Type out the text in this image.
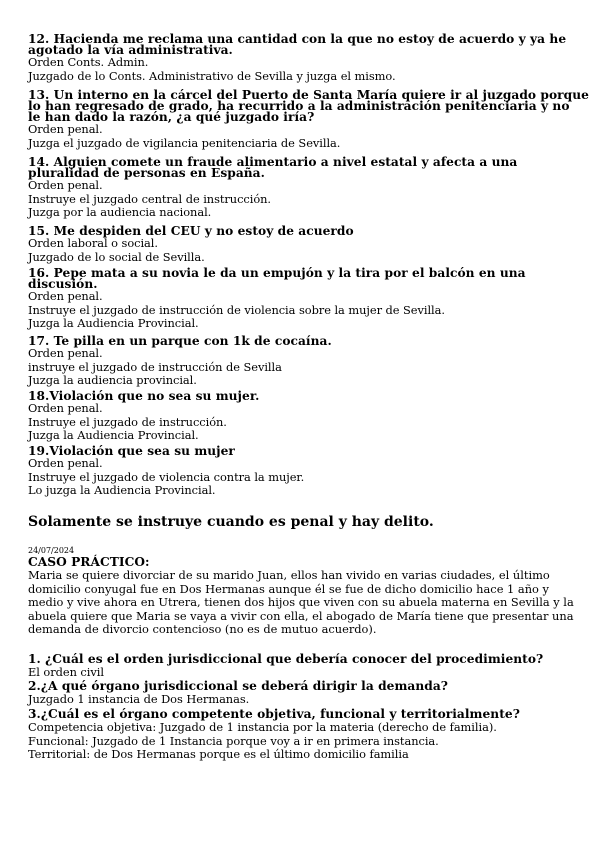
12. Hacienda me reclama una cantidad con la que no estoy de acuerdo y ya he
agotado la vía administrativa.
Orden Conts. Admin.
Juzgado de lo Conts. Administrativo de Sevilla y juzga el mismo.
13. Un interno en la cárcel del Puerto de Santa María quiere ir al juzgado porque
lo han regresado de grado, ha recurrido a la administración penitenciaria y no
le han dado la razón, ¿a qué juzgado iría?
Orden penal.
Juzga el juzgado de vigilancia penitenciaria de Sevilla.
14. Alguien comete un fraude alimentario a nivel estatal y afecta a una
pluralidad de personas en España.
Orden penal.
Instruye el juzgado central de instrucción.
Juzga por la audiencia nacional.
15. Me despiden del CEU y no estoy de acuerdo
Orden laboral o social.
Juzgado de lo social de Sevilla.
16. Pepe mata a su novia le da un empujón y la tira por el balcón en una
discusión.
Orden penal.
Instruye el juzgado de instrucción de violencia sobre la mujer de Sevilla.
Juzga la Audiencia Provincial.
17. Te pilla en un parque con 1k de cocaína.
Orden penal.
instruye el juzgado de instrucción de Sevilla
Juzga la audiencia provincial.
18.Violación que no sea su mujer.
Orden penal.
Instruye el juzgado de instrucción.
Juzga la Audiencia Provincial.
19.Violación que sea su mujer
Orden penal.
Instruye el juzgado de violencia contra la mujer.
Lo juzga la Audiencia Provincial.
Solamente se instruye cuando es penal y hay delito.
24/07/2024
CASO PRÁCTICO:
Maria se quiere divorciar de su marido Juan, ellos han vivido en varias ciudades, el último
domicilio conyugal fue en Dos Hermanas aunque él se fue de dicho domicilio hace 1 año y
medio y vive ahora en Utrera, tienen dos hijos que viven con su abuela materna en Sevilla y la
abuela quiere que Maria se vaya a vivir con ella, el abogado de María tiene que presentar una
demanda de divorcio contencioso (no es de mutuo acuerdo).
1. ¿Cuál es el orden jurisdiccional que debería conocer del procedimiento?
El orden civil
2.¿A qué órgano jurisdiccional se deberá dirigir la demanda?
Juzgado 1 instancia de Dos Hermanas.
3.¿Cuál es el órgano competente objetiva, funcional y territorialmente?
Competencia objetiva: Juzgado de 1 instancia por la materia (derecho de familia).
Funcional: Juzgado de 1 Instancia porque voy a ir en primera instancia.
Territorial: de Dos Hermanas porque es el último domicilio familia
